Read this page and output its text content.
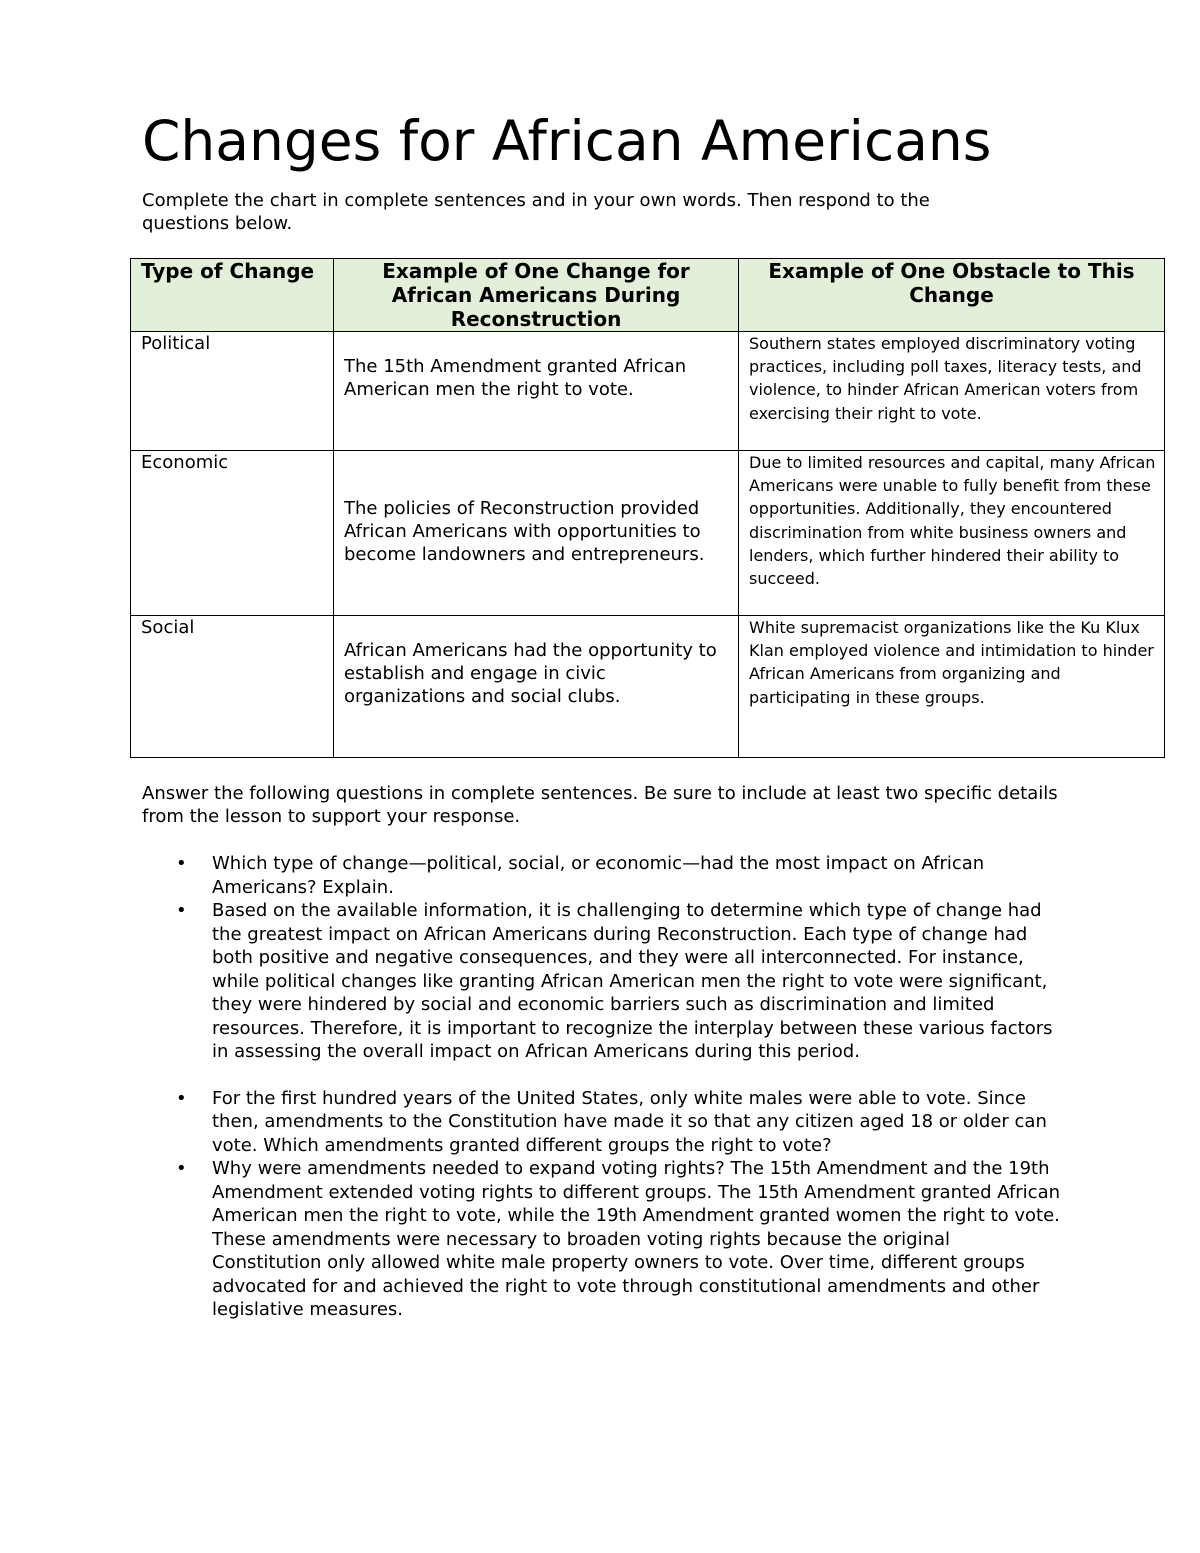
Changes for African Americans

Complete the chart in complete sentences and in your own words. Then respond to the questions below.

Type of Change	Example of One Change for African Americans During Reconstruction	Example of One Obstacle to This Change
Political	The 15th Amendment granted African American men the right to vote.	Southern states employed discriminatory voting practices, including poll taxes, literacy tests, and violence, to hinder African American voters from exercising their right to vote.

Economic	The policies of Reconstruction provided African Americans with opportunities to become landowners and entrepreneurs.	Due to limited resources and capital, many African Americans were unable to fully benefit from these opportunities. Additionally, they encountered discrimination from white business owners and lenders, which further hindered their ability to succeed.

Social	African Americans had the opportunity to establish and engage in civic organizations and social clubs.	White supremacist organizations like the Ku Klux Klan employed violence and intimidation to hinder African Americans from organizing and participating in these groups.

Answer the following questions in complete sentences. Be sure to include at least two specific details from the lesson to support your response.

• Which type of change—political, social, or economic—had the most impact on African Americans? Explain.
• Based on the available information, it is challenging to determine which type of change had the greatest impact on African Americans during Reconstruction. Each type of change had both positive and negative consequences, and they were all interconnected. For instance, while political changes like granting African American men the right to vote were significant, they were hindered by social and economic barriers such as discrimination and limited resources. Therefore, it is important to recognize the interplay between these various factors in assessing the overall impact on African Americans during this period.
• For the first hundred years of the United States, only white males were able to vote. Since then, amendments to the Constitution have made it so that any citizen aged 18 or older can vote. Which amendments granted different groups the right to vote?
• Why were amendments needed to expand voting rights? The 15th Amendment and the 19th Amendment extended voting rights to different groups. The 15th Amendment granted African American men the right to vote, while the 19th Amendment granted women the right to vote. These amendments were necessary to broaden voting rights because the original Constitution only allowed white male property owners to vote. Over time, different groups advocated for and achieved the right to vote through constitutional amendments and other legislative measures.
